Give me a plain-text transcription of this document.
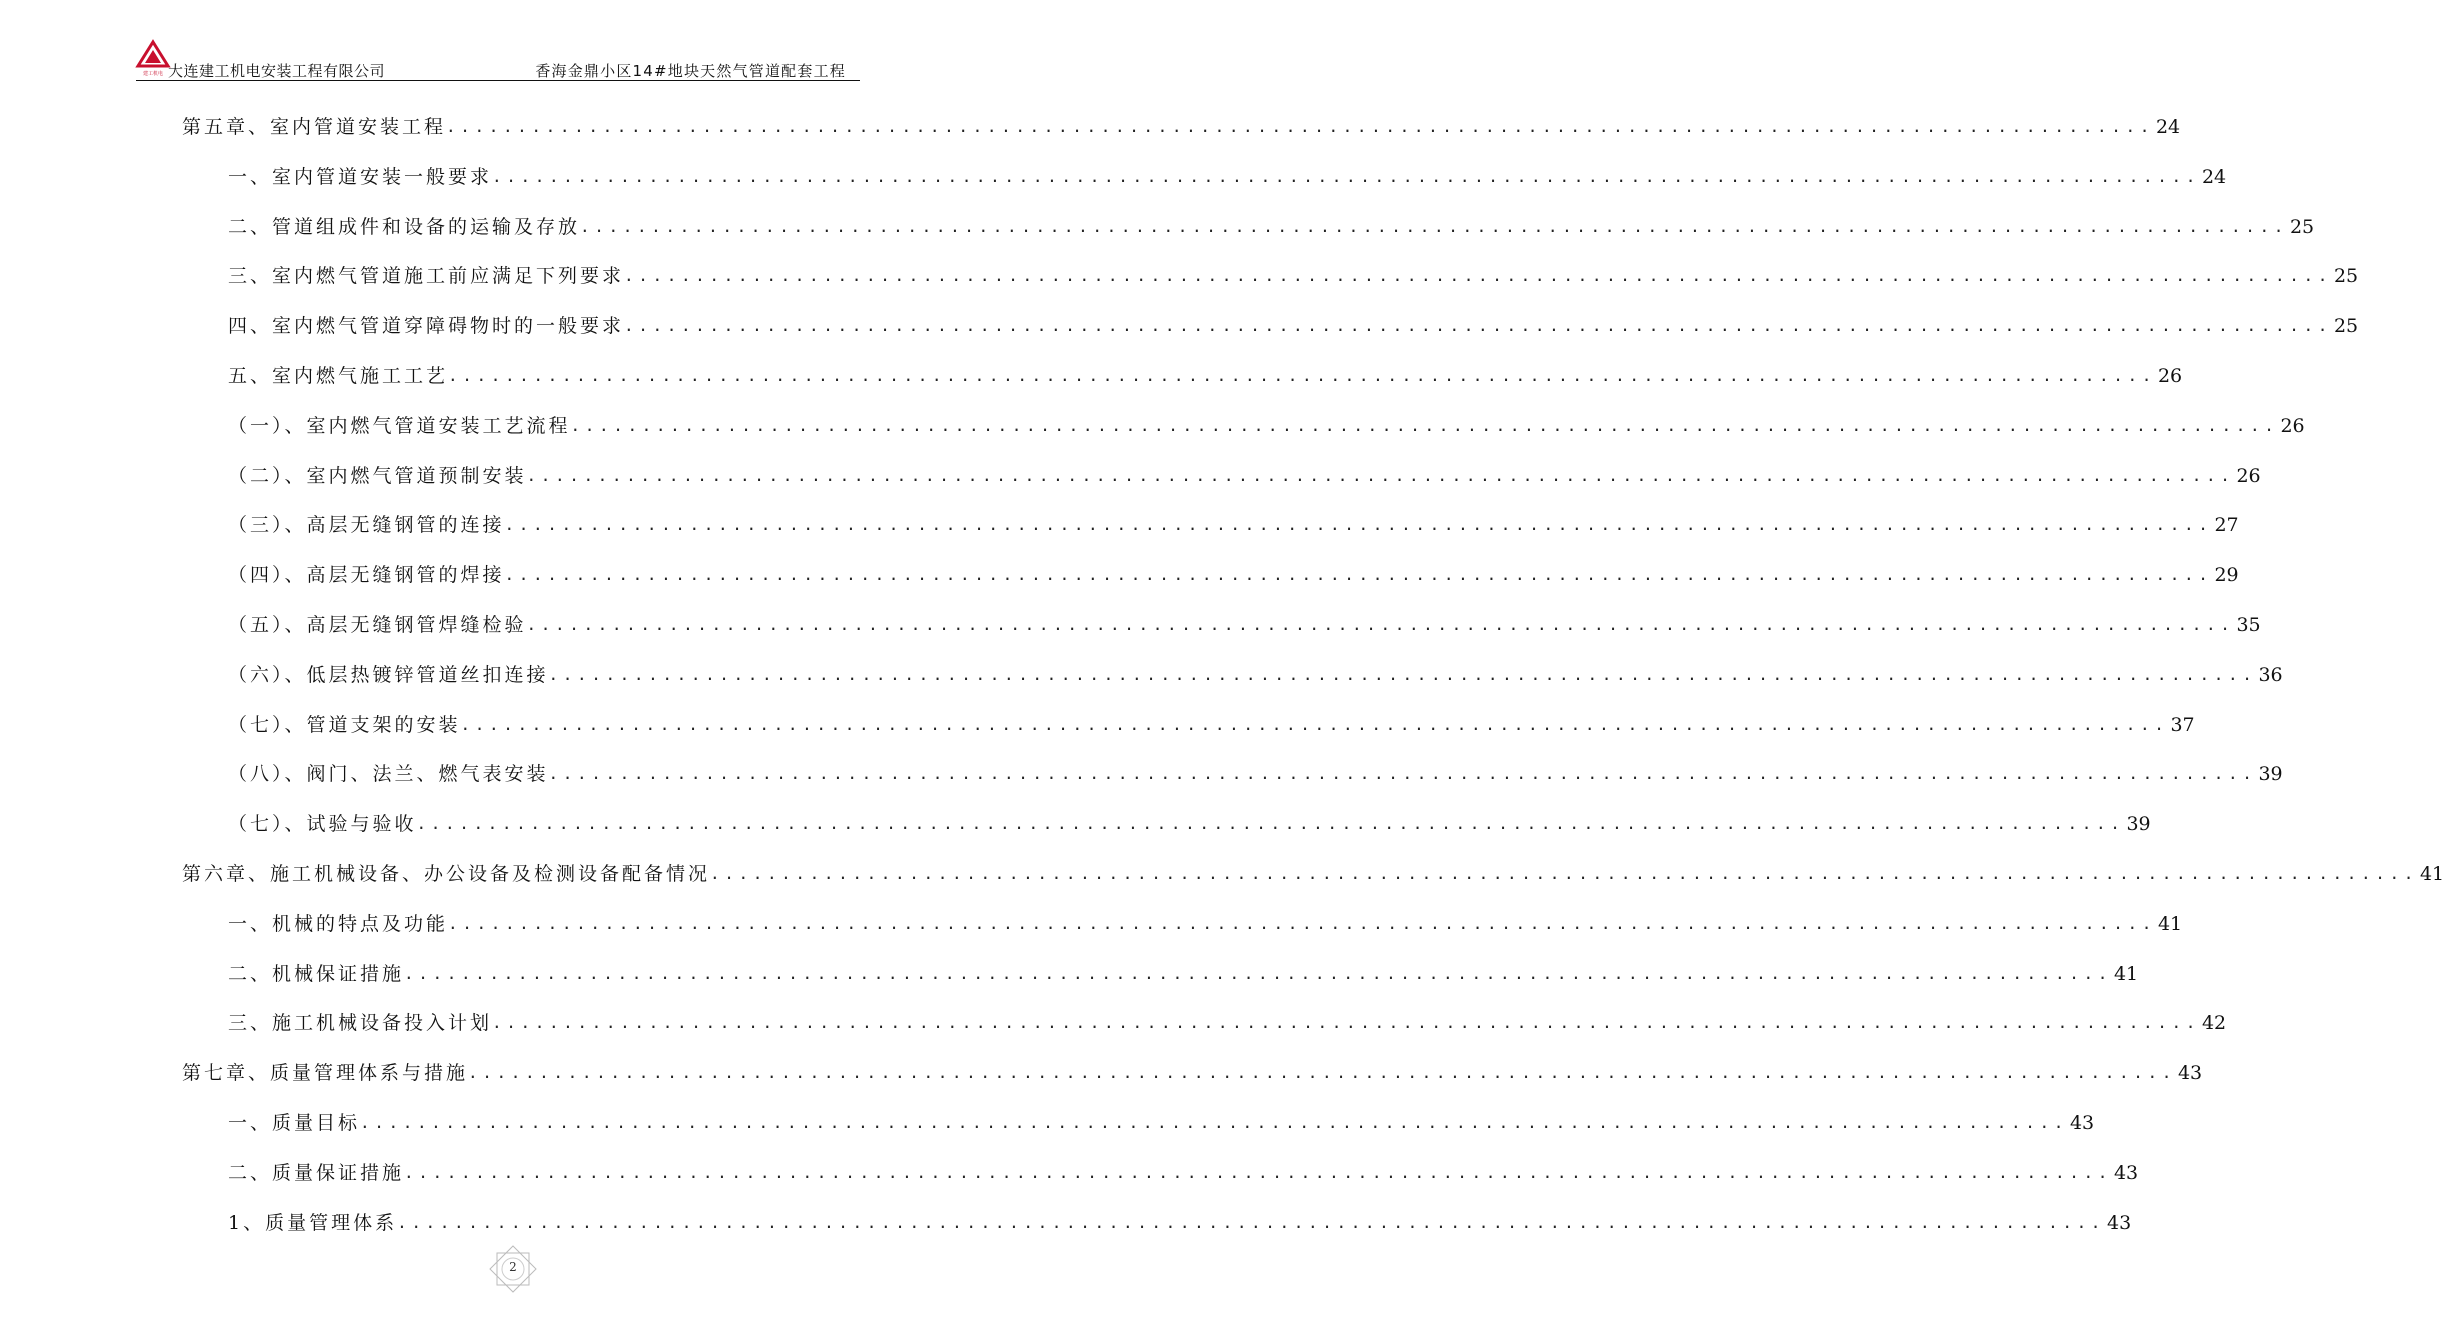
建工机电 大连建工机电安装工程有限公司	香海金鼎小区14#地块天然气管道配套工程
第五章、室内管道安装工程 ........................................................................................................................ 24
一、室内管道安装一般要求 ........................................................................................................................ 24
二、管道组成件和设备的运输及存放 ........................................................................................................................ 25
三、室内燃气管道施工前应满足下列要求 ........................................................................................................................ 25
四、室内燃气管道穿障碍物时的一般要求 ........................................................................................................................ 25
五、室内燃气施工工艺 ........................................................................................................................ 26
（一）、室内燃气管道安装工艺流程 ........................................................................................................................ 26
（二）、室内燃气管道预制安装 ........................................................................................................................ 26
（三）、高层无缝钢管的连接 ........................................................................................................................ 27
（四）、高层无缝钢管的焊接 ........................................................................................................................ 29
（五）、高层无缝钢管焊缝检验 ........................................................................................................................ 35
（六）、低层热镀锌管道丝扣连接 ........................................................................................................................ 36
（七）、管道支架的安装 ........................................................................................................................ 37
（八）、阀门、法兰、燃气表安装 ........................................................................................................................ 39
（七）、试验与验收 ........................................................................................................................ 39
第六章、施工机械设备、办公设备及检测设备配备情况 ........................................................................................................................ 41
一、机械的特点及功能 ........................................................................................................................ 41
二、机械保证措施 ........................................................................................................................ 41
三、施工机械设备投入计划 ........................................................................................................................ 42
第七章、质量管理体系与措施 ........................................................................................................................ 43
一、质量目标 ........................................................................................................................ 43
二、质量保证措施 ........................................................................................................................ 43
1、质量管理体系 ........................................................................................................................ 43
2
